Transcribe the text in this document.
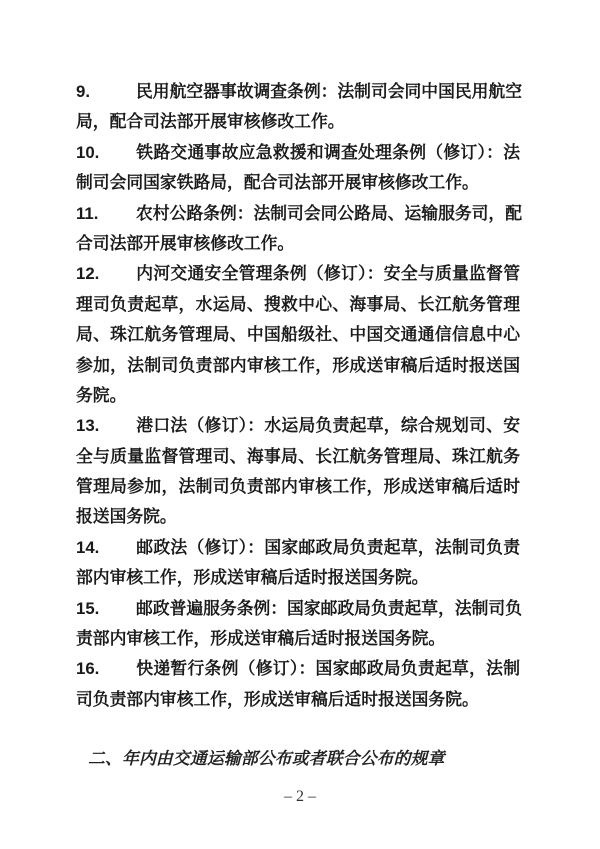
9.	民用航空器事故调查条例：法制司会同中国民用航空
局，配合司法部开展审核修改工作。
10. 铁路交通事故应急救援和调查处理条例（修订）：法
制司会同国家铁路局，配合司法部开展审核修改工作。
11. 农村公路条例：法制司会同公路局、运输服务司，配
合司法部开展审核修改工作。
12. 内河交通安全管理条例（修订）：安全与质量监督管
理司负责起草，水运局、搜救中心、海事局、长江航务管理
局、珠江航务管理局、中国船级社、中国交通通信信息中心
参加，法制司负责部内审核工作，形成送审稿后适时报送国
务院。
13. 港口法（修订）：水运局负责起草，综合规划司、安
全与质量监督管理司、海事局、长江航务管理局、珠江航务
管理局参加，法制司负责部内审核工作，形成送审稿后适时
报送国务院。
14. 邮政法（修订）：国家邮政局负责起草，法制司负责
部内审核工作，形成送审稿后适时报送国务院。
15. 邮政普遍服务条例：国家邮政局负责起草，法制司负
责部内审核工作，形成送审稿后适时报送国务院。
16. 快递暂行条例（修订）：国家邮政局负责起草，法制
司负责部内审核工作，形成送审稿后适时报送国务院。
二、年内由交通运输部公布或者联合公布的规章
– 2 –
